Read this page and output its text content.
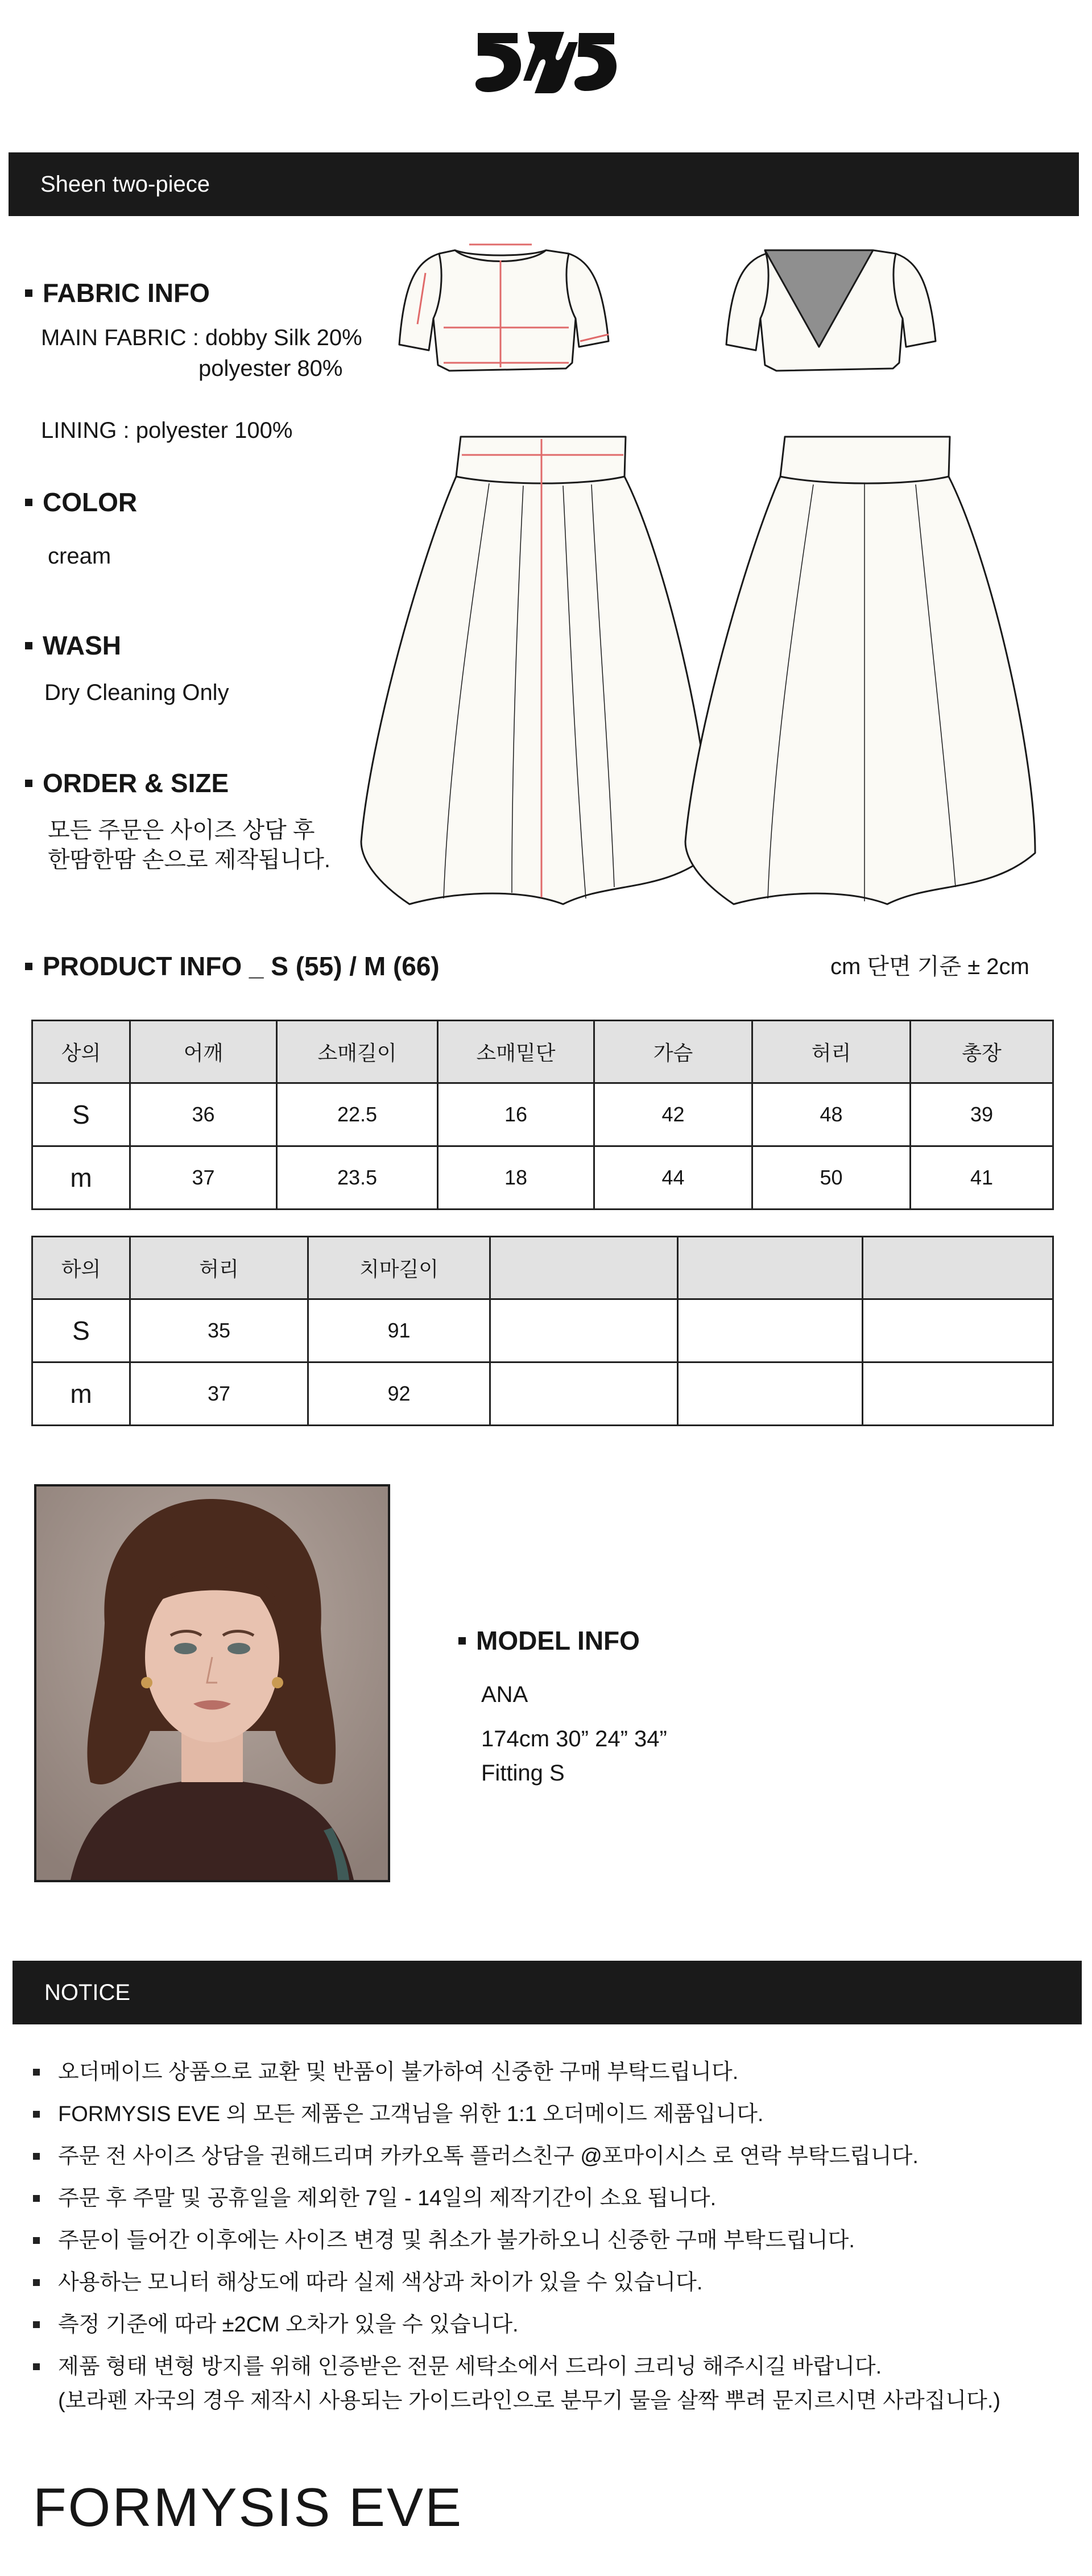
Sheen two-piece
FABRIC INFO
MAIN FABRIC : dobby Silk 20%
polyester 80%
LINING : polyester 100%
COLOR
cream
WASH
Dry Cleaning Only
ORDER & SIZE
모든 주문은 사이즈 상담 후
한땀한땀 손으로 제작됩니다.
PRODUCT INFO _ S (55) / M (66)	cm 단면 기준 ± 2cm
상의	어깨	소매길이	소매밑단	가슴	허리	총장
S	36	22.5	16	42	48	39
m	37	23.5	18	44	50	41
하의	허리	치마길이			
S	35	91			
m	37	92			
MODEL INFO
ANA
174cm 30” 24” 34”
Fitting S
NOTICE
오더메이드 상품으로 교환 및 반품이 불가하여 신중한 구매 부탁드립니다.
FORMYSIS EVE 의 모든 제품은 고객님을 위한 1:1 오더메이드 제품입니다.
주문 전 사이즈 상담을 권해드리며 카카오톡 플러스친구 @포마이시스 로 연락 부탁드립니다.
주문 후 주말 및 공휴일을 제외한 7일 - 14일의 제작기간이 소요 됩니다.
주문이 들어간 이후에는 사이즈 변경 및 취소가 불가하오니 신중한 구매 부탁드립니다.
사용하는 모니터 해상도에 따라 실제 색상과 차이가 있을 수 있습니다.
측정 기준에 따라 ±2CM 오차가 있을 수 있습니다.
제품 형태 변형 방지를 위해 인증받은 전문 세탁소에서 드라이 크리닝 해주시길 바랍니다.
(보라펜 자국의 경우 제작시 사용되는 가이드라인으로 분무기 물을 살짝 뿌려 문지르시면 사라집니다.)
FORMYSIS EVE
